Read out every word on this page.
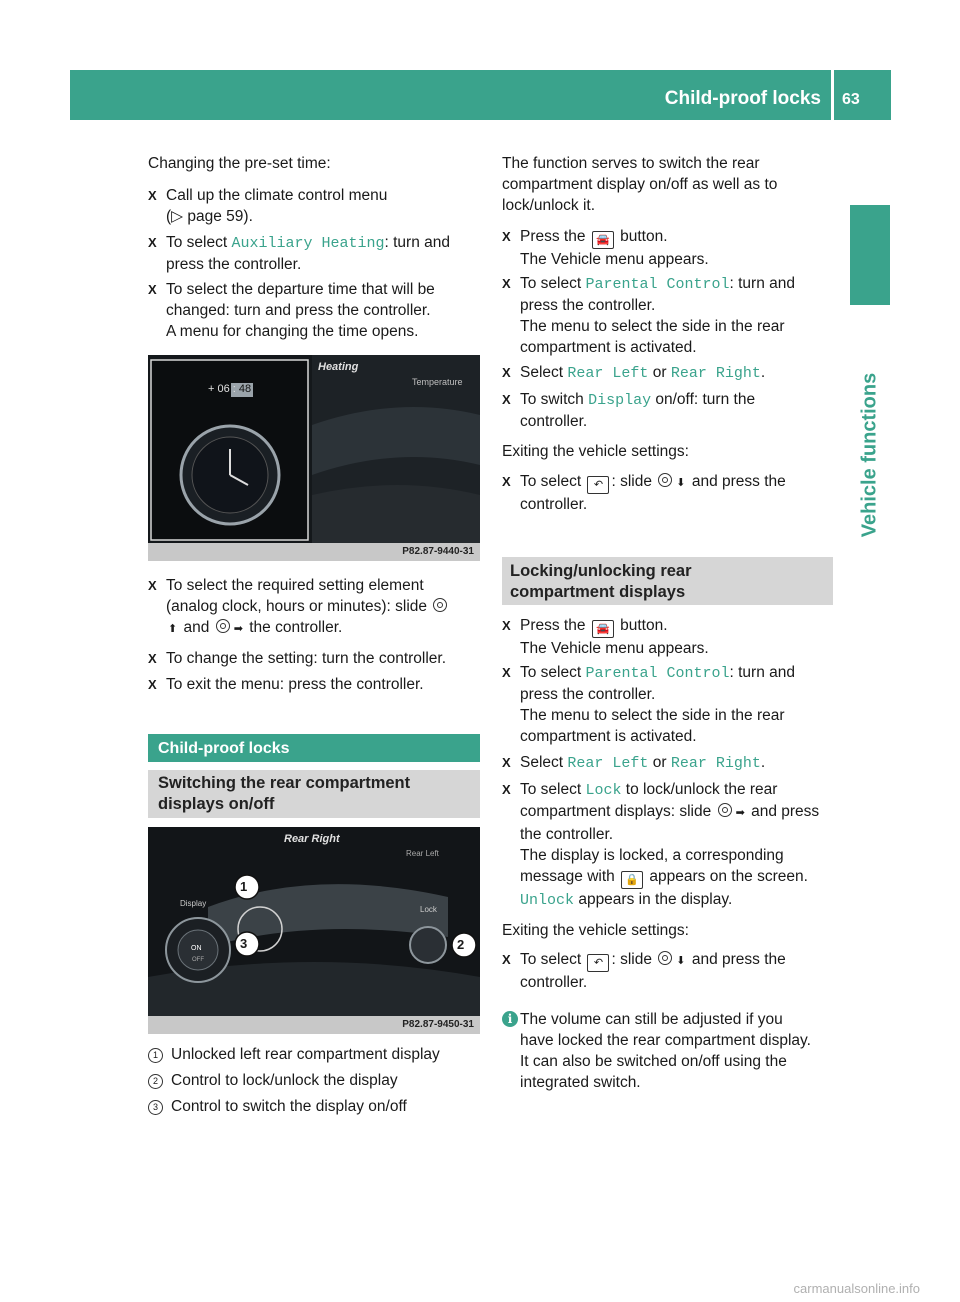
Child-proof locks 63
Vehicle functions
Changing the pre-set time:
X Call up the climate control menu
(▷ page 59).
X To select Auxiliary Heating: turn and
press the controller.
X To select the departure time that will be
changed: turn and press the controller.
A menu for changing the time opens.
+ 06 : 48
Heating
Temperature
P82.87-9440-31
X To select the required setting element
(analog clock, hours or minutes): slide
⬆ and ➡ the controller.
X To change the setting: turn the controller.
X To exit the menu: press the controller.
Child-proof locks
Switching the rear compartment
displays on/off
1
2
3
Rear Right
Rear Left
Display
Lock
ON
OFF
P82.87-9450-31
1 Unlocked left rear compartment display
2 Control to lock/unlock the display
3 Control to switch the display on/off
The function serves to switch the rear
compartment display on/off as well as to
lock/unlock it.
X Press the 🚘 button.
The Vehicle menu appears.
X To select Parental Control: turn and
press the controller.
The menu to select the side in the rear
compartment is activated.
X Select Rear Left or Rear Right.
X To switch Display on/off: turn the
controller.
Exiting the vehicle settings:
X To select ↶ : slide ⬇ and press the
controller.
Locking/unlocking rear
compartment displays
X Press the 🚘 button.
The Vehicle menu appears.
X To select Parental Control: turn and
press the controller.
The menu to select the side in the rear
compartment is activated.
X Select Rear Left or Rear Right.
X To select Lock to lock/unlock the rear
compartment displays: slide ➡ and press
the controller.
The display is locked, a corresponding
message with 🔒 appears on the screen.
Unlock appears in the display.
Exiting the vehicle settings:
X To select ↶ : slide ⬇ and press the
controller.
i The volume can still be adjusted if you
have locked the rear compartment display.
It can also be switched on/off using the
integrated switch.
carmanualsonline.info
